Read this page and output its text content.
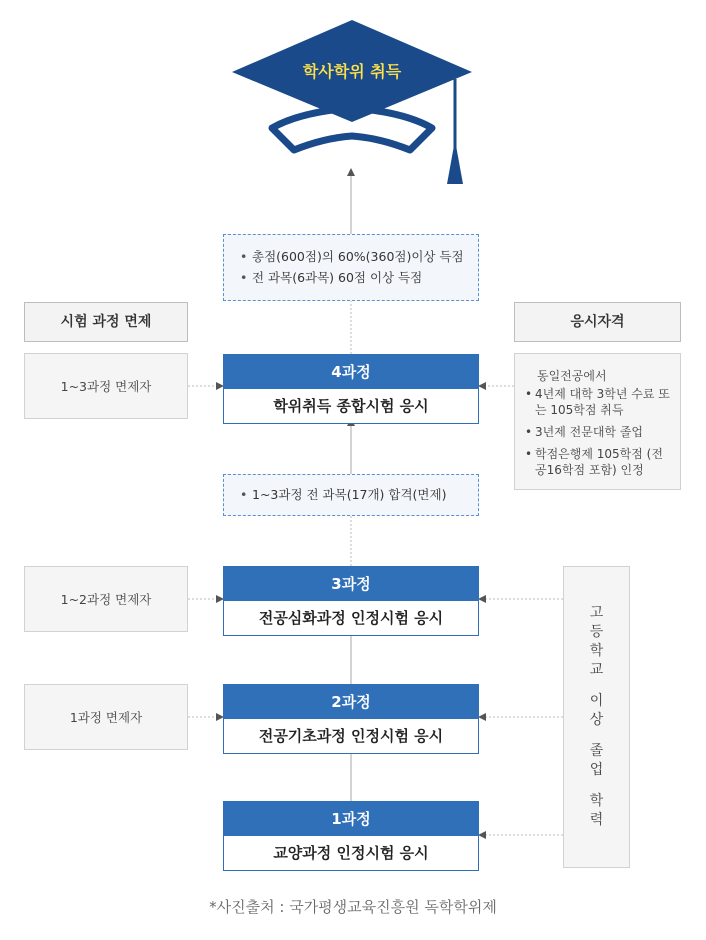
학사학위 취득
• 총점(600점)의 60%(360점)이상 득점
• 전 과목(6과목) 60점 이상 득점
시험 과정 면제	응시자격
4과정
학위취득 종합시험 응시
• 1~3과정 전 과목(17개) 합격(면제)
3과정
전공심화과정 인정시험 응시
2과정
전공기초과정 인정시험 응시
1과정
교양과정 인정시험 응시
1~3과정 면제자
1~2과정 면제자
1과정 면제자
동일전공에서
• 4년제 대학 3학년 수료 또는 105학점 취득
• 3년제 전문대학 졸업
• 학점은행제 105학점 (전공16학점 포함) 인정
고
등
학
교
이
상
졸
업
학
력
*사진출처 : 국가평생교육진흥원 독학학위제
